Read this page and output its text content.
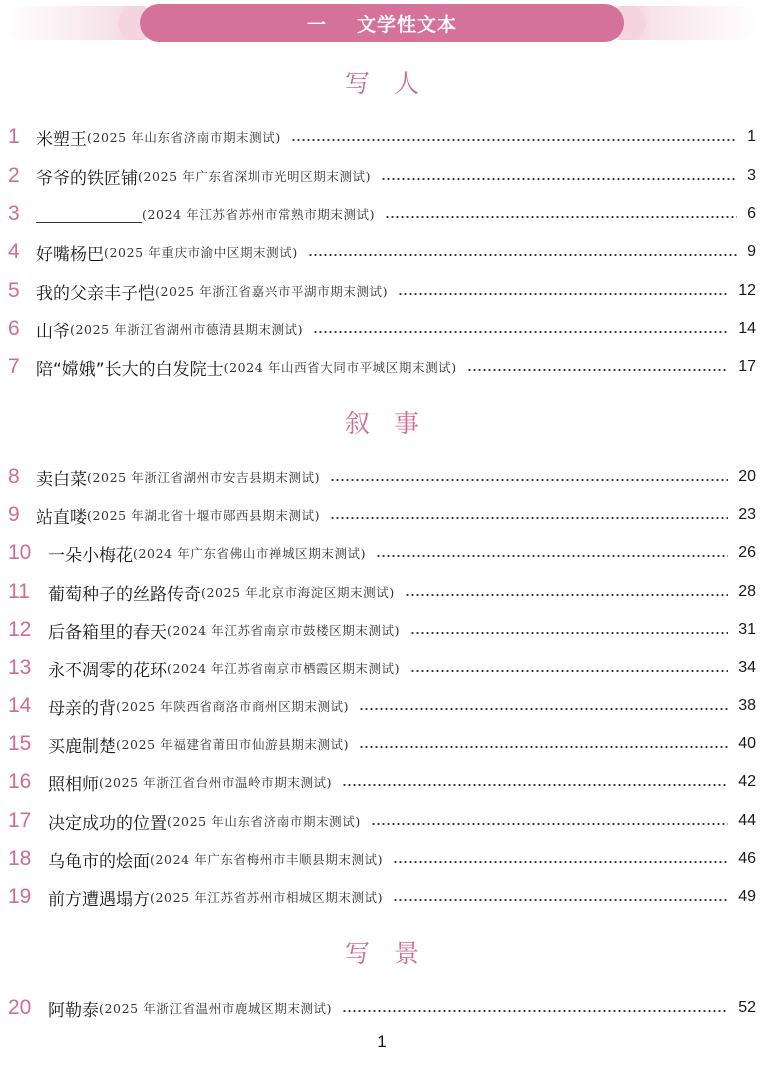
一 文学性文本
写人
1 米塑王 (2025 年山东省济南市期末测试)	1
2 爷爷的铁匠铺 (2025 年广东省深圳市光明区期末测试)	3
3	(2024 年江苏省苏州市常熟市期末测试)	6
4 好嘴杨巴 (2025 年重庆市渝中区期末测试)	9
5 我的父亲丰子恺 (2025 年浙江省嘉兴市平湖市期末测试)	12
6 山爷 (2025 年浙江省湖州市德清县期末测试)	14
7 陪“嫦娥”长大的白发院士 (2024 年山西省大同市平城区期末测试)	17
叙事
8 卖白菜 (2025 年浙江省湖州市安吉县期末测试)	20
9 站直喽 (2025 年湖北省十堰市郧西县期末测试)	23
10 一朵小梅花 (2024 年广东省佛山市禅城区期末测试)	26
11	葡萄种子的丝路传奇 (2025 年北京市海淀区期末测试)	28
12 后备箱里的春天 (2024 年江苏省南京市鼓楼区期末测试)	31
13 永不凋零的花环 (2024 年江苏省南京市栖霞区期末测试)	34
14 母亲的背 (2025 年陕西省商洛市商州区期末测试)	38
15 买鹿制楚 (2025 年福建省莆田市仙游县期末测试)	40
16 照相师 (2025 年浙江省台州市温岭市期末测试)	42
17 决定成功的位置 (2025 年山东省济南市期末测试)	44
18 乌龟市的烩面 (2024 年广东省梅州市丰顺县期末测试)	46
19 前方遭遇塌方 (2025 年江苏省苏州市相城区期末测试)	49
写景
20 阿勒泰 (2025 年浙江省温州市鹿城区期末测试)	52
1
